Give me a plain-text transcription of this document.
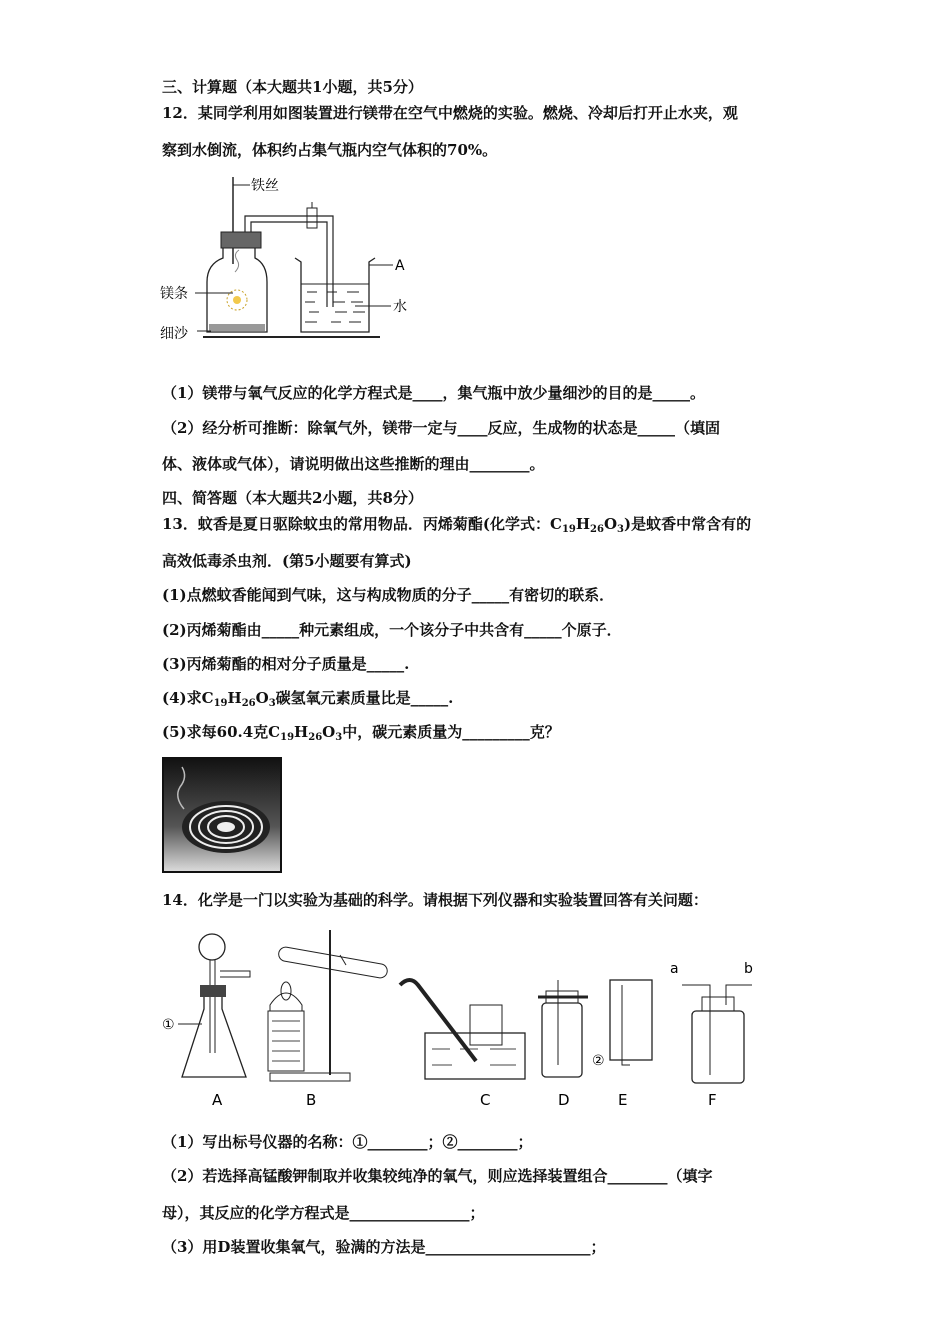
三、计算题（本大题共1小题，共5分）
12．某同学利用如图装置进行镁带在空气中燃烧的实验。燃烧、冷却后打开止水夹，观
察到水倒流，体积约占集气瓶内空气体积的70%。
铁丝
镁条
细沙
A
水
（1）镁带与氧气反应的化学方程式是____，集气瓶中放少量细沙的目的是_____。
（2）经分析可推断：除氧气外，镁带一定与____反应，生成物的状态是_____（填固
体、液体或气体），请说明做出这些推断的理由________。
四、简答题（本大题共2小题，共8分）
13．蚊香是夏日驱除蚊虫的常用物品．丙烯菊酯(化学式：$C_{19}H_{26}O_3$)是蚊香中常含有的
高效低毒杀虫剂．(第5小题要有算式)
(1)点燃蚊香能闻到气味，这与构成物质的分子_____有密切的联系．
(2)丙烯菊酯由_____种元素组成，一个该分子中共含有_____个原子．
(3)丙烯菊酯的相对分子质量是_____.
(4)求$C_{19}H_{26}O_3$碳氢氧元素质量比是_____.
(5)求每60.4克$C_{19}H_{26}O_3$中，碳元素质量为_________克？
14．化学是一门以实验为基础的科学。请根据下列仪器和实验装置回答有关问题：
①
②
a	b
A	B	C	D	E	F
（1）写出标号仪器的名称：①________；②________；
（2）若选择高锰酸钾制取并收集较纯净的氧气，则应选择装置组合________（填字
母），其反应的化学方程式是________________；
（3）用D装置收集氧气，验满的方法是______________________；
